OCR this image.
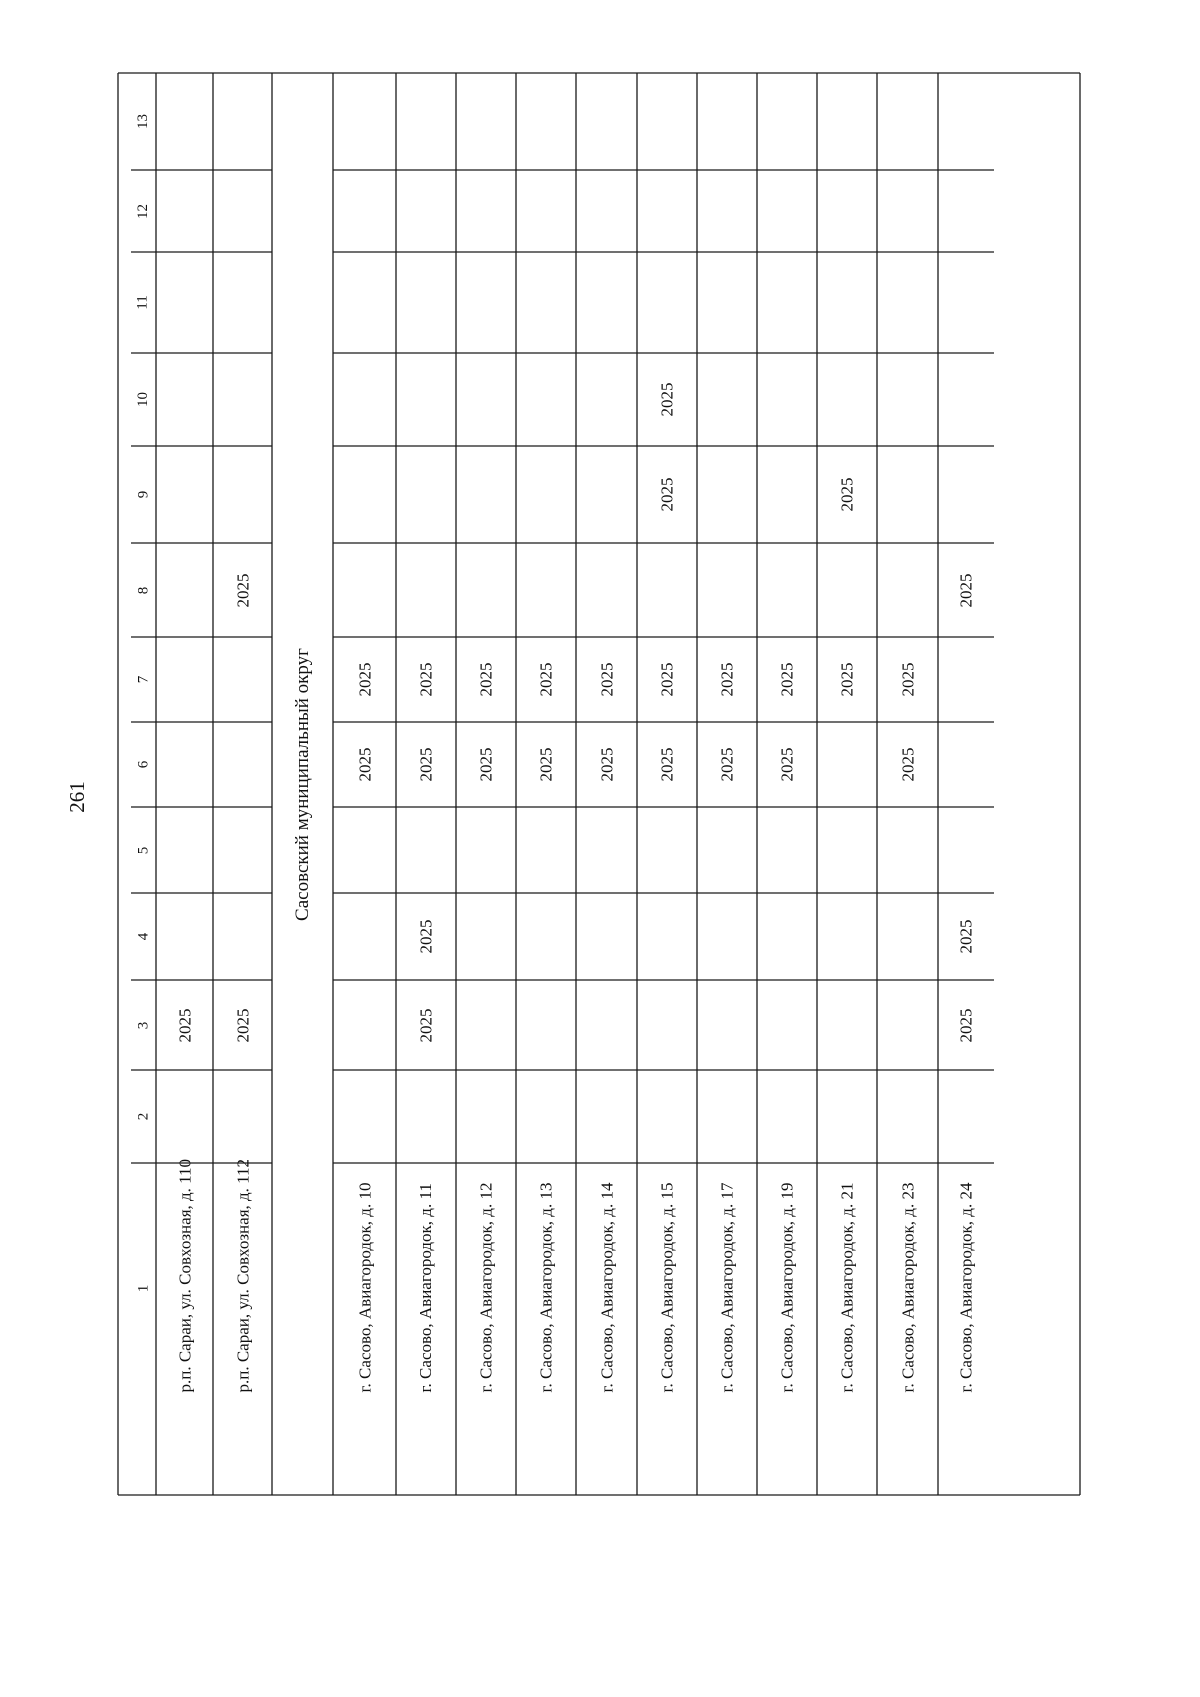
261
1
2
3
4
5
6
7
8
9
10
11
12
13
р.п. Сараи, ул. Совхозная, д. 110
2025
р.п. Сараи, ул. Совхозная, д. 112
2025
2025
Сасовский муниципальный округ
г. Сасово, Авиагородок, д. 10
2025
2025
г. Сасово, Авиагородок, д. 11
2025
2025
2025
2025
г. Сасово, Авиагородок, д. 12
2025
2025
г. Сасово, Авиагородок, д. 13
2025
2025
г. Сасово, Авиагородок, д. 14
2025
2025
г. Сасово, Авиагородок, д. 15
2025
2025
2025
2025
г. Сасово, Авиагородок, д. 17
2025
2025
г. Сасово, Авиагородок, д. 19
2025
2025
г. Сасово, Авиагородок, д. 21
2025
2025
г. Сасово, Авиагородок, д. 23
2025
2025
г. Сасово, Авиагородок, д. 24
2025
2025
2025
